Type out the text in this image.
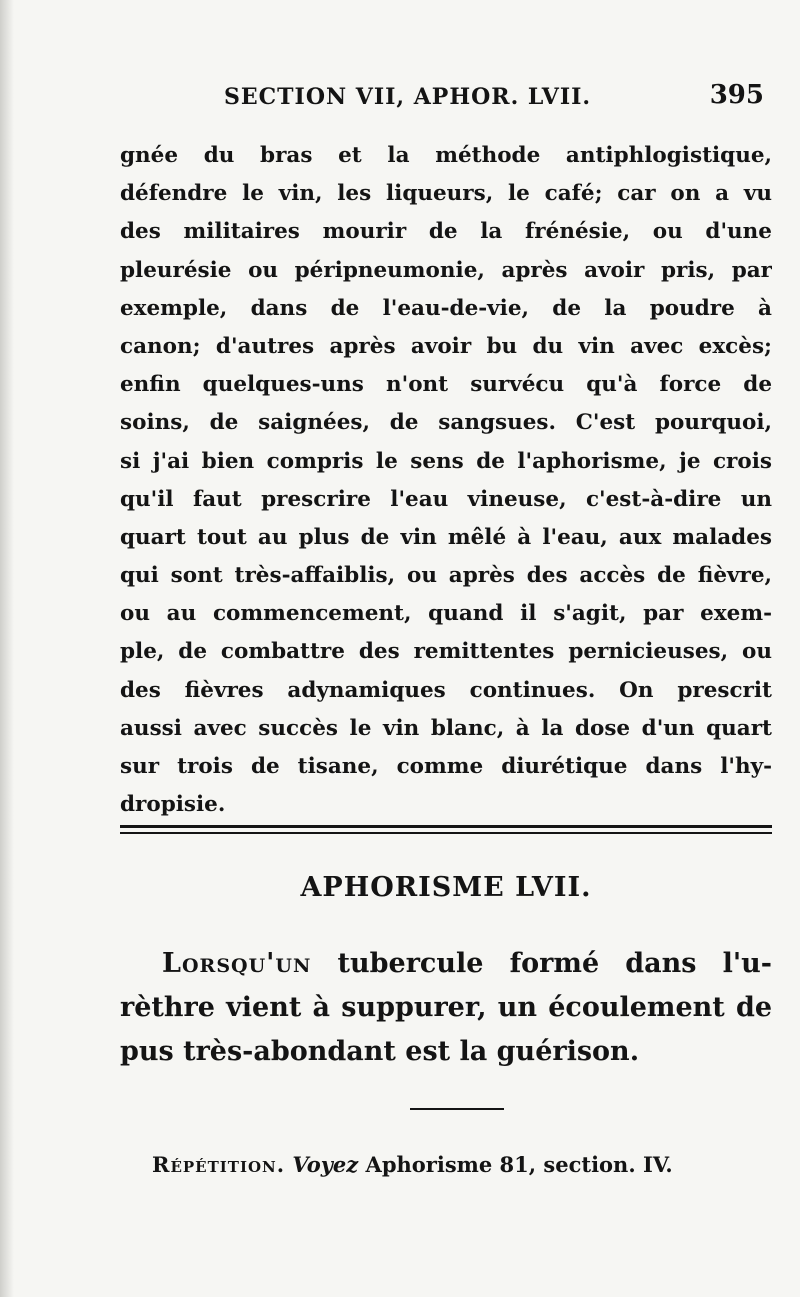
SECTION VII, APHOR. LVII.	395
gnée du bras et la méthode antiphlogistique,
défendre le vin, les liqueurs, le café; car on a vu
des militaires mourir de la frénésie, ou d'une
pleurésie ou péripneumonie, après avoir pris, par
exemple, dans de l'eau-de-vie, de la poudre à
canon; d'autres après avoir bu du vin avec excès;
enfin quelques-uns n'ont survécu qu'à force de
soins, de saignées, de sangsues. C'est pourquoi,
si j'ai bien compris le sens de l'aphorisme, je crois
qu'il faut prescrire l'eau vineuse, c'est-à-dire un
quart tout au plus de vin mêlé à l'eau, aux malades
qui sont très-affaiblis, ou après des accès de fièvre,
ou au commencement, quand il s'agit, par exem-
ple, de combattre des remittentes pernicieuses, ou
des fièvres adynamiques continues. On prescrit
aussi avec succès le vin blanc, à la dose d'un quart
sur trois de tisane, comme diurétique dans l'hy-
dropisie.
APHORISME LVII.
Lorsqu'un tubercule formé dans l'u-
rèthre vient à suppurer, un écoulement de
pus très-abondant est la guérison.
Répétition. Voyez Aphorisme 81, section. IV.
